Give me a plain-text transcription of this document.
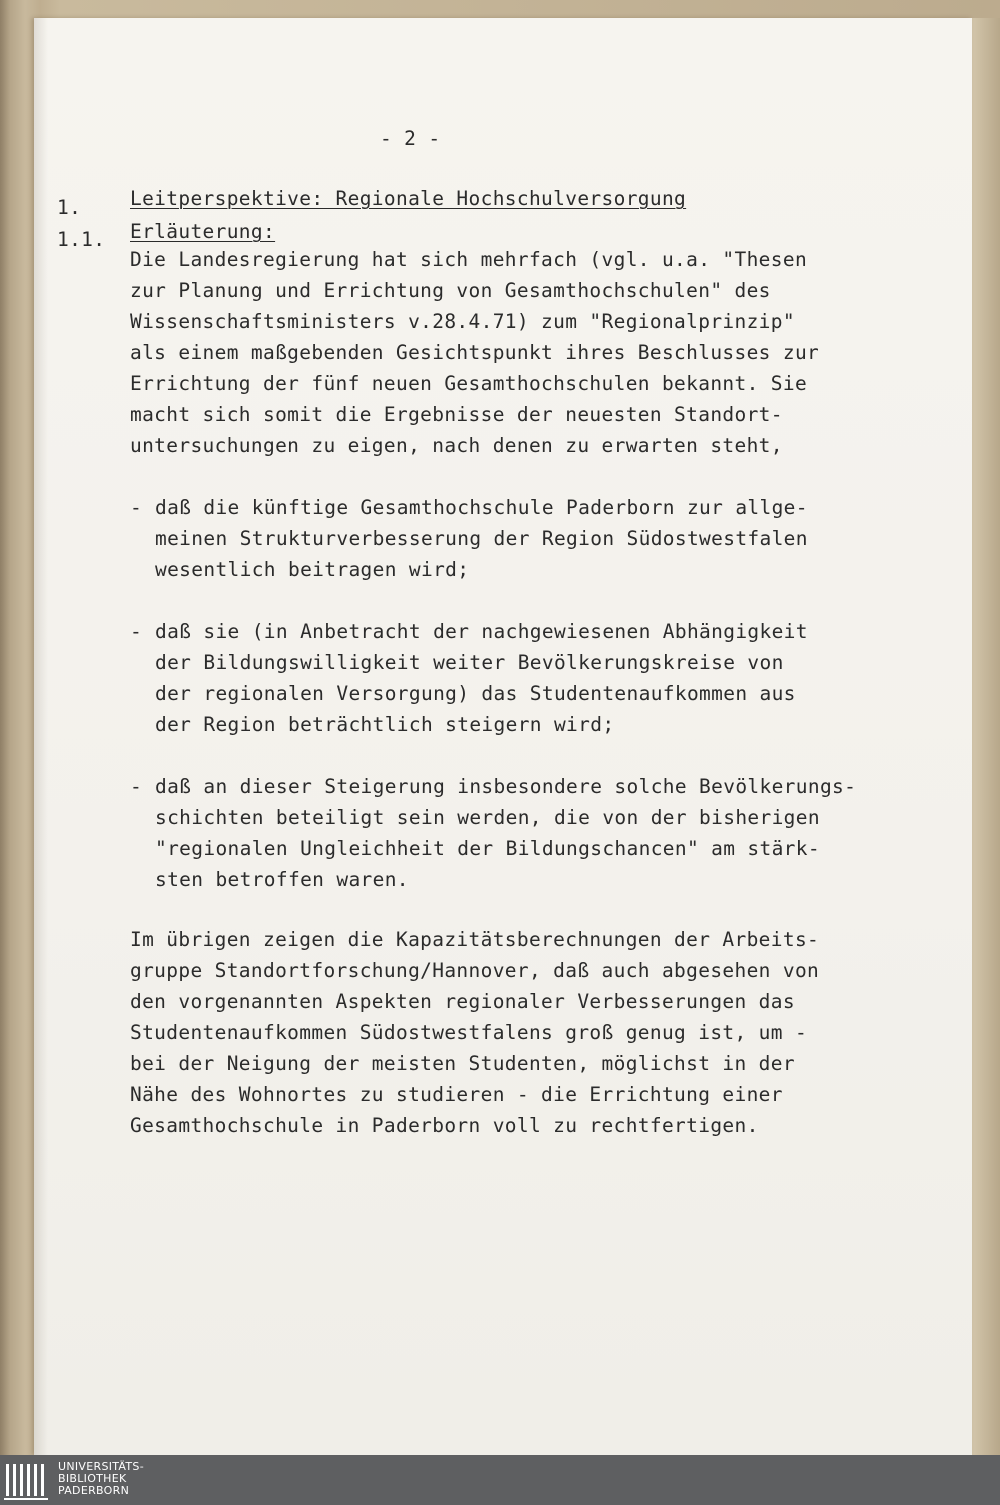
- 2 -
1.	Leitperspektive: Regionale Hochschulversorgung
1.1. Erläuterung:
Die Landesregierung hat sich mehrfach (vgl. u.a. "Thesen
zur Planung und Errichtung von Gesamthochschulen" des
Wissenschaftsministers v.28.4.71) zum "Regionalprinzip"
als einem maßgebenden Gesichtspunkt ihres Beschlusses zur
Errichtung der fünf neuen Gesamthochschulen bekannt. Sie
macht sich somit die Ergebnisse der neuesten Standort-
untersuchungen zu eigen, nach denen zu erwarten steht,
- daß die künftige Gesamthochschule Paderborn zur allge-
meinen Strukturverbesserung der Region Südostwestfalen
wesentlich beitragen wird;
- daß sie (in Anbetracht der nachgewiesenen Abhängigkeit
der Bildungswilligkeit weiter Bevölkerungskreise von
der regionalen Versorgung) das Studentenaufkommen aus
der Region beträchtlich steigern wird;
- daß an dieser Steigerung insbesondere solche Bevölkerungs-
schichten beteiligt sein werden, die von der bisherigen
"regionalen Ungleichheit der Bildungschancen" am stärk-
sten betroffen waren.
Im übrigen zeigen die Kapazitätsberechnungen der Arbeits-
gruppe Standortforschung/Hannover, daß auch abgesehen von
den vorgenannten Aspekten regionaler Verbesserungen das
Studentenaufkommen Südostwestfalens groß genug ist, um -
bei der Neigung der meisten Studenten, möglichst in der
Nähe des Wohnortes zu studieren - die Errichtung einer
Gesamthochschule in Paderborn voll zu rechtfertigen.
UNIVERSITÄTS-
BIBLIOTHEK
PADERBORN
